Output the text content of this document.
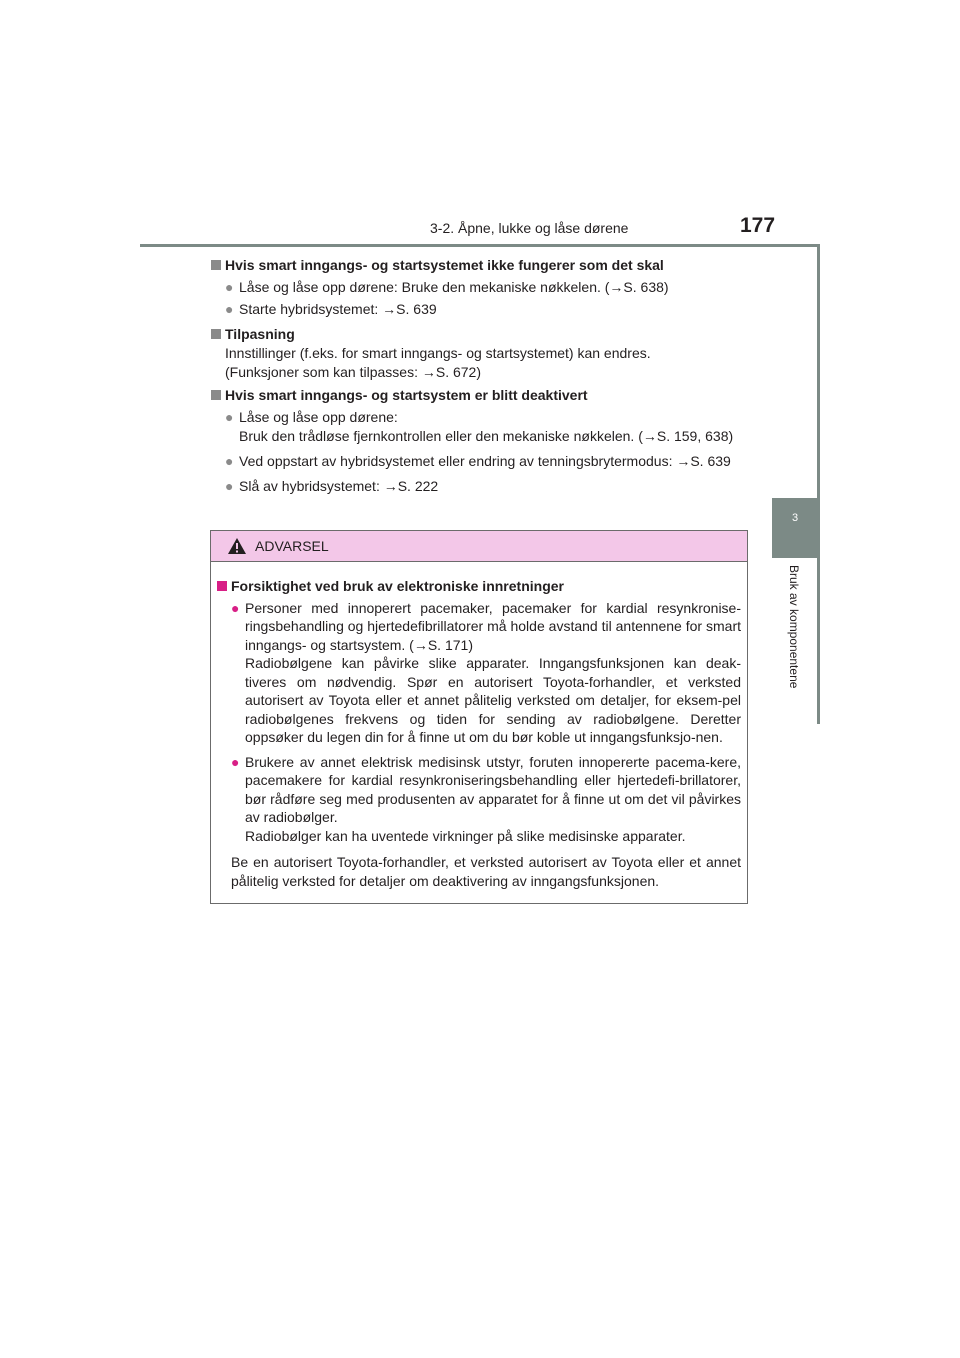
3-2. Åpne, lukke og låse dørene	177
3
Bruk av komponentene
Hvis smart inngangs- og startsystemet ikke fungerer som det skal
● Låse og låse opp dørene: Bruke den mekaniske nøkkelen. (→S. 638)
● Starte hybridsystemet: →S. 639
Tilpasning
Innstillinger (f.eks. for smart inngangs- og startsystemet) kan endres.
(Funksjoner som kan tilpasses: →S. 672)
Hvis smart inngangs- og startsystem er blitt deaktivert
● Låse og låse opp dørene:
Bruk den trådløse fjernkontrollen eller den mekaniske nøkkelen. (→S. 159, 638)
● Ved oppstart av hybridsystemet eller endring av tenningsbrytermodus: →S. 639
● Slå av hybridsystemet: →S. 222
ADVARSEL
Forsiktighet ved bruk av elektroniske innretninger
● Personer med innoperert pacemaker, pacemaker for kardial resynkronise-ringsbehandling og hjertedefibrillatorer må holde avstand til antennene for smart inngangs- og startsystem. (→S. 171)
Radiobølgene kan påvirke slike apparater. Inngangsfunksjonen kan deak-tiveres om nødvendig. Spør en autorisert Toyota-forhandler, et verksted autorisert av Toyota eller et annet pålitelig verksted om detaljer, for eksem-pel radiobølgenes frekvens og tiden for sending av radiobølgene. Deretter oppsøker du legen din for å finne ut om du bør koble ut inngangsfunksjo-nen.
● Brukere av annet elektrisk medisinsk utstyr, foruten innopererte pacema-kere, pacemakere for kardial resynkroniseringsbehandling eller hjertedefi-brillatorer, bør rådføre seg med produsenten av apparatet for å finne ut om det vil påvirkes av radiobølger.
Radiobølger kan ha uventede virkninger på slike medisinske apparater.
Be en autorisert Toyota-forhandler, et verksted autorisert av Toyota eller et annet pålitelig verksted for detaljer om deaktivering av inngangsfunksjonen.
